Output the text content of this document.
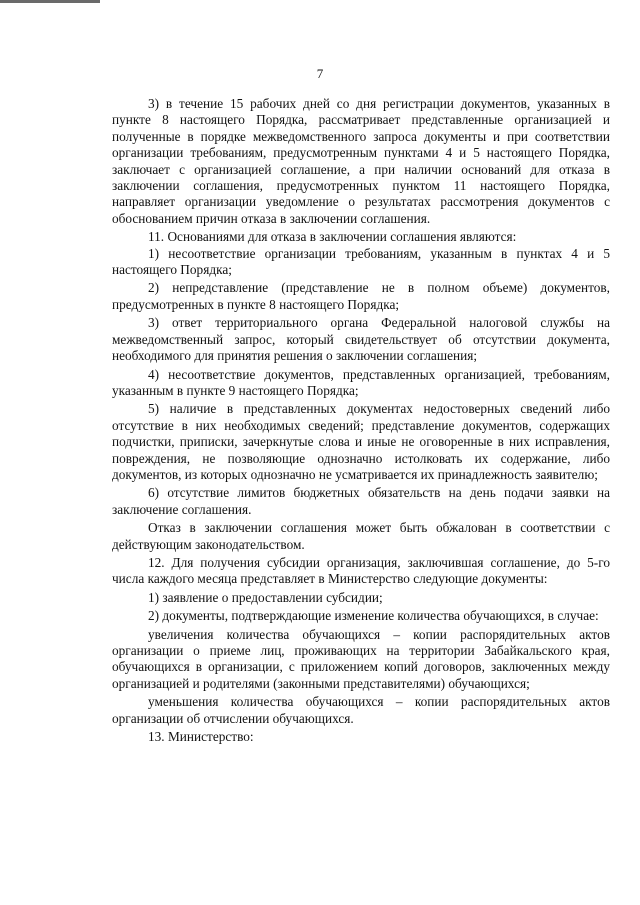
7

3) в течение 15 рабочих дней со дня регистрации документов, указанных в пункте 8 настоящего Порядка, рассматривает представленные организацией и полученные в порядке межведомственного запроса документы и при соответствии организации требованиям, предусмотренным пунктами 4 и 5 настоящего Порядка, заключает с организацией соглашение, а при наличии оснований для отказа в заключении соглашения, предусмотренных пунктом 11 настоящего Порядка, направляет организации уведомление о результатах рассмотрения документов с обоснованием причин отказа в заключении соглашения.

11. Основаниями для отказа в заключении соглашения являются:

1) несоответствие организации требованиям, указанным в пунктах 4 и 5 настоящего Порядка;

2) непредставление (представление не в полном объеме) документов, предусмотренных в пункте 8 настоящего Порядка;

3) ответ территориального органа Федеральной налоговой службы на межведомственный запрос, который свидетельствует об отсутствии документа, необходимого для принятия решения о заключении соглашения;

4) несоответствие документов, представленных организацией, требованиям, указанным в пункте 9 настоящего Порядка;

5) наличие в представленных документах недостоверных сведений либо отсутствие в них необходимых сведений; представление документов, содержащих подчистки, приписки, зачеркнутые слова и иные не оговоренные в них исправления, повреждения, не позволяющие однозначно истолковать их содержание, либо документов, из которых однозначно не усматривается их принадлежность заявителю;

6) отсутствие лимитов бюджетных обязательств на день подачи заявки на заключение соглашения.

Отказ в заключении соглашения может быть обжалован в соответствии с действующим законодательством.

12. Для получения субсидии организация, заключившая соглашение, до 5-го числа каждого месяца представляет в Министерство следующие документы:

1) заявление о предоставлении субсидии;

2) документы, подтверждающие изменение количества обучающихся, в случае:

увеличения количества обучающихся – копии распорядительных актов организации о приеме лиц, проживающих на территории Забайкальского края, обучающихся в организации, с приложением копий договоров, заключенных между организацией и родителями (законными представителями) обучающихся;

уменьшения количества обучающихся – копии распорядительных актов организации об отчислении обучающихся.

13. Министерство:
